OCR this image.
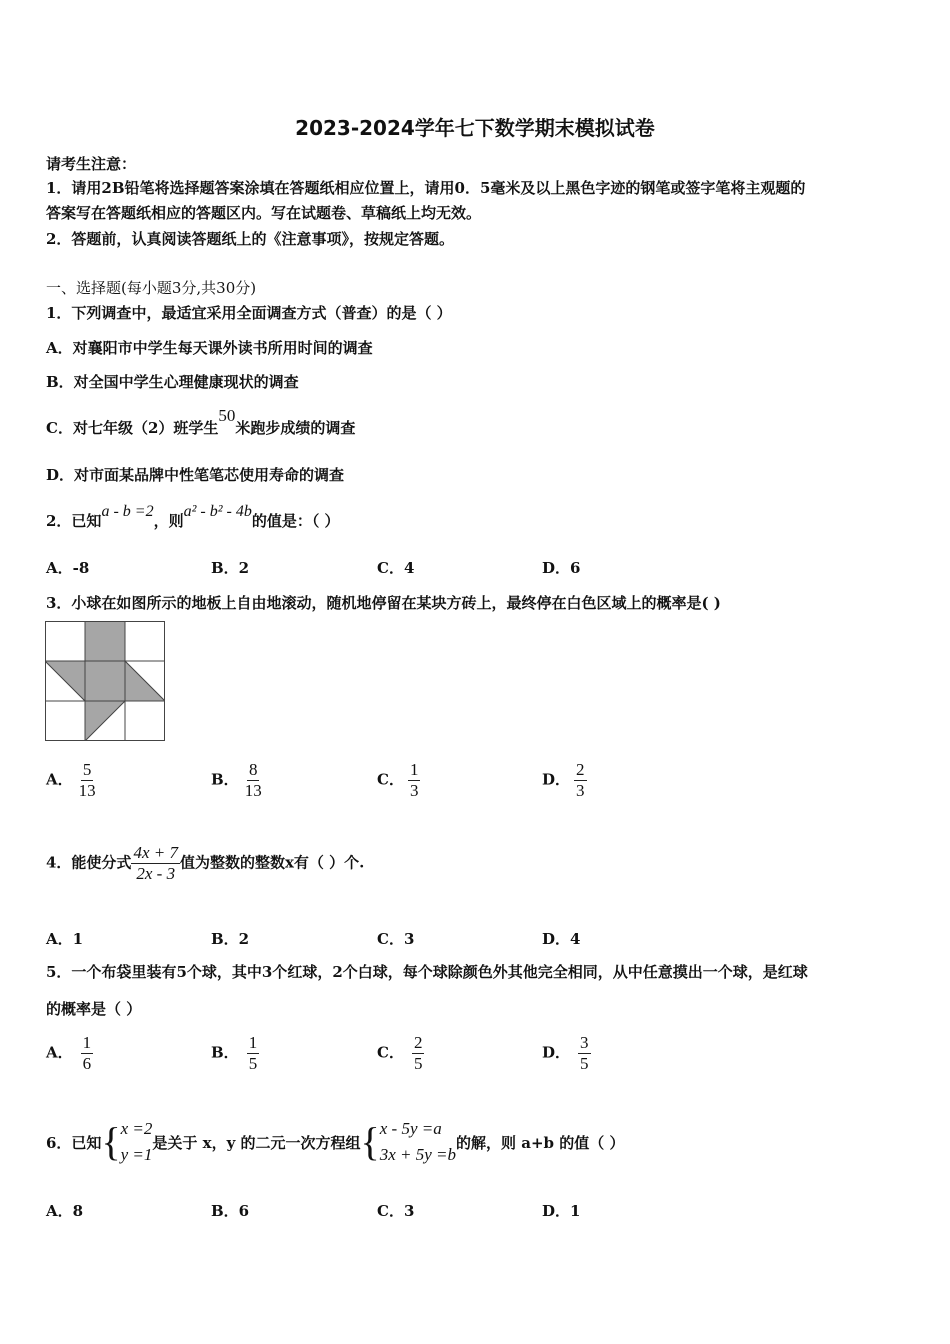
2023-2024学年七下数学期末模拟试卷
请考生注意：
1．请用2B铅笔将选择题答案涂填在答题纸相应位置上，请用0．5毫米及以上黑色字迹的钢笔或签字笔将主观题的
答案写在答题纸相应的答题区内。写在试题卷、草稿纸上均无效。
2．答题前，认真阅读答题纸上的《注意事项》，按规定答题。
一、选择题(每小题3分,共30分)
1．下列调查中，最适宜采用全面调查方式（普查）的是（ ）
A．对襄阳市中学生每天课外读书所用时间的调查
B．对全国中学生心理健康现状的调查
C．对七年级（2）班学生50米跑步成绩的调查
D．对市面某品牌中性笔笔芯使用寿命的调查
2．已知a - b =2，则a² - b² - 4b的值是：（ ）
A．-8	B．2	C．4	D．6
3．小球在如图所示的地板上自由地滚动，随机地停留在某块方砖上，最终停在白色区域上的概率是( )
A． $\frac{5}{13}$	B． $\frac{8}{13}$	C． $\frac{1}{3}$	D． $\frac{2}{3}$
4．能使分式 $\frac{4x + 7}{2x - 3}$ 值为整数的整数x有（ ）个.
A．1	B．2	C．3	D．4
5．一个布袋里装有5个球，其中3个红球，2个白球，每个球除颜色外其他完全相同，从中任意摸出一个球，是红球
的概率是（ ）
A． $\frac{1}{6}$	B． $\frac{1}{5}$	C． $\frac{2}{5}$	D． $\frac{3}{5}$
6．已知 { x =2
y =1
是关于 x，y 的二元一次方程组 { x - 5y =a
3x + 5y =b
的解，则 a+b 的值（ ）
A．8	B．6	C．3	D．1
